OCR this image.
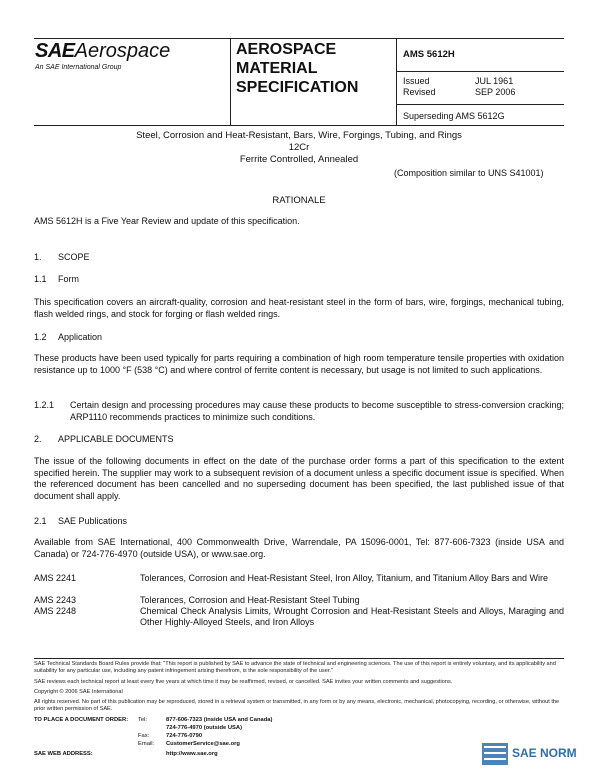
SAEAerospace
An SAE International Group
AEROSPACE
MATERIAL
SPECIFICATION
AMS 5612H
Issued	JUL 1961
Revised	SEP 2006
Superseding AMS 5612G
Steel, Corrosion and Heat-Resistant, Bars, Wire, Forgings, Tubing, and Rings
12Cr
Ferrite Controlled, Annealed
(Composition similar to UNS S41001)
RATIONALE
AMS 5612H is a Five Year Review and update of this specification.
1. SCOPE
1.1 Form
This specification covers an aircraft-quality, corrosion and heat-resistant steel in the form of bars, wire, forgings, mechanical tubing, flash welded rings, and stock for forging or flash welded rings.
1.2 Application
These products have been used typically for parts requiring a combination of high room temperature tensile properties with oxidation resistance up to 1000 °F (538 °C) and where control of ferrite content is necessary, but usage is not limited to such applications.
1.2.1 Certain design and processing procedures may cause these products to become susceptible to stress-conversion cracking; ARP1110 recommends practices to minimize such conditions.
2. APPLICABLE DOCUMENTS
The issue of the following documents in effect on the date of the purchase order forms a part of this specification to the extent specified herein. The supplier may work to a subsequent revision of a document unless a specific document issue is specified. When the referenced document has been cancelled and no superseding document has been specified, the last published issue of that document shall apply.
2.1 SAE Publications
Available from SAE International, 400 Commonwealth Drive, Warrendale, PA 15096-0001, Tel: 877-606-7323 (inside USA and Canada) or 724-776-4970 (outside USA), or www.sae.org.
AMS 2241	Tolerances, Corrosion and Heat-Resistant Steel, Iron Alloy, Titanium, and Titanium Alloy Bars and Wire
AMS 2243	Tolerances, Corrosion and Heat-Resistant Steel Tubing
AMS 2248	Chemical Check Analysis Limits, Wrought Corrosion and Heat-Resistant Steels and Alloys, Maraging and Other Highly-Alloyed Steels, and Iron Alloys
SAE Technical Standards Board Rules provide that: "This report is published by SAE to advance the state of technical and engineering sciences. The use of this report is entirely voluntary, and its applicability and suitability for any particular use, including any patent infringement arising therefrom, is the sole responsibility of the user."
SAE reviews each technical report at least every five years at which time it may be reaffirmed, revised, or cancelled. SAE invites your written comments and suggestions.
Copyright © 2006 SAE International
All rights reserved. No part of this publication may be reproduced, stored in a retrieval system or transmitted, in any form or by any means, electronic, mechanical, photocopying, recording, or otherwise, without the prior written permission of SAE.
TO PLACE A DOCUMENT ORDER: Tel:	877-606-7323 (inside USA and Canada)
724-776-4970 (outside USA)
Fax:	724-776-0790
Email: CustomerService@sae.org
SAE WEB ADDRESS:	http://www.sae.org	SAE NORM
